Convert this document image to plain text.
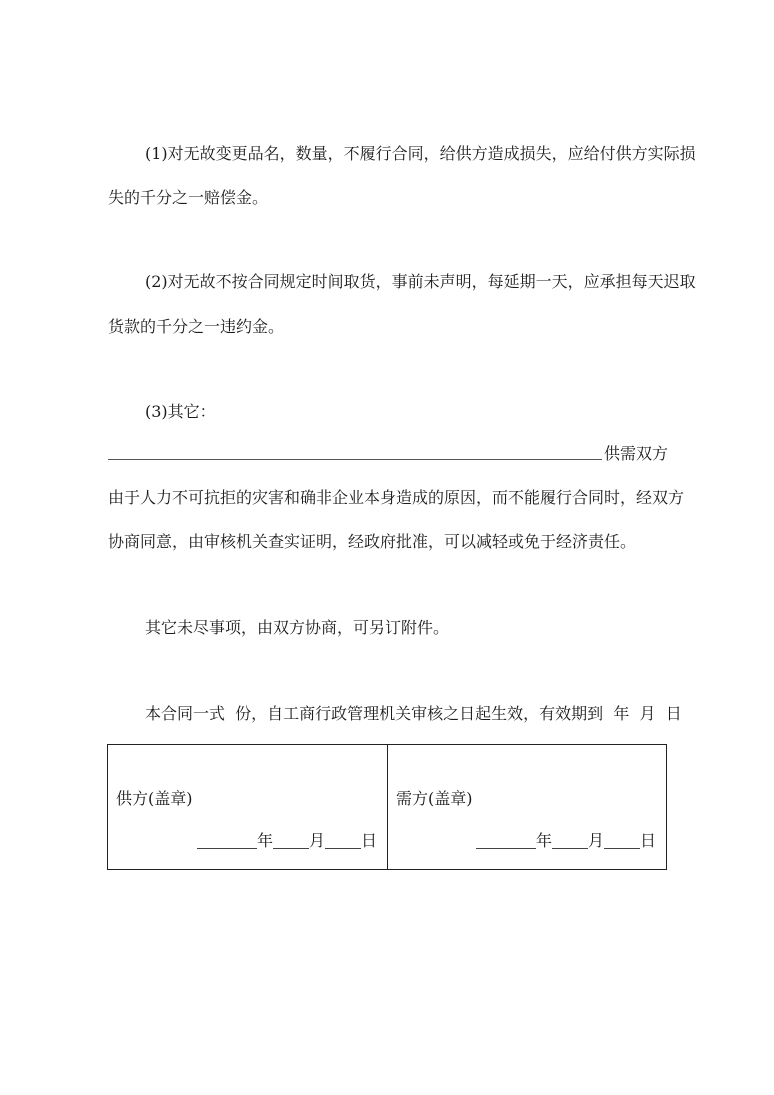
(1)对无故变更品名，数量，不履行合同，给供方造成损失，应给付供方实际损
失的千分之一赔偿金。
(2)对无故不按合同规定时间取货，事前未声明，每延期一天，应承担每天迟取
货款的千分之一违约金。
(3)其它：
供需双方
由于人力不可抗拒的灾害和确非企业本身造成的原因，而不能履行合同时，经双方
协商同意，由审核机关查实证明，经政府批准，可以减轻或免于经济责任。
其它未尽事项，由双方协商，可另订附件。
本合同一式  份，自工商行政管理机关审核之日起生效，有效期到  年  月  日
供方(盖章)
年 月 日
需方(盖章)
年 月 日
